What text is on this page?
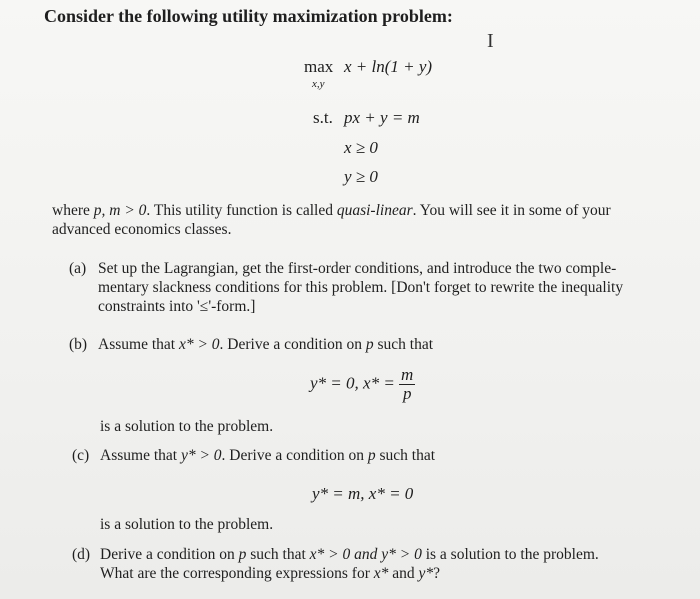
Consider the following utility maximization problem:
I
max
x,y
x + ln(1 + y)
s.t. px + y = m
x ≥ 0
y ≥ 0
where p, m > 0. This utility function is called quasi-linear. You will see it in some of your
advanced economics classes.
(a) Set up the Lagrangian, get the first-order conditions, and introduce the two comple-
mentary slackness conditions for this problem. [Don't forget to rewrite the inequality
constraints into '≤'-form.]
(b) Assume that x* > 0. Derive a condition on p such that
y* = 0, $x* = \frac{m}{p}$
is a solution to the problem.
(c) Assume that y* > 0. Derive a condition on p such that
y* = m, x* = 0
is a solution to the problem.
(d) Derive a condition on p such that x* > 0 and y* > 0 is a solution to the problem.
What are the corresponding expressions for x* and y*?
